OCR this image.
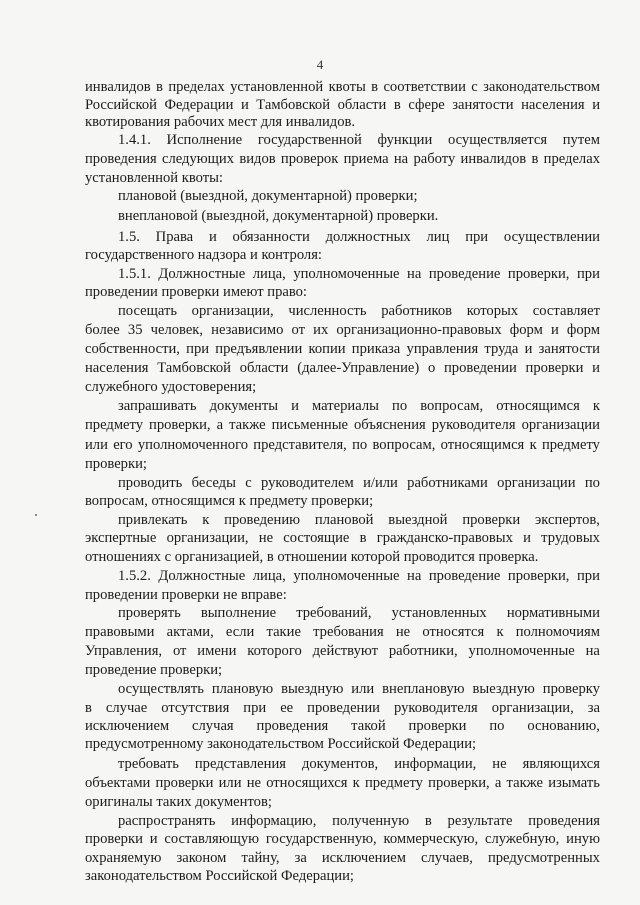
4
инвалидов в пределах установленной квоты в соответствии с законодательством
Российской Федерации и Тамбовской области в сфере занятости населения и
квотирования рабочих мест для инвалидов.
1.4.1. Исполнение государственной функции осуществляется путем
проведения следующих видов проверок приема на работу инвалидов в пределах
установленной квоты:
плановой (выездной, документарной) проверки;
внеплановой (выездной, документарной) проверки.
1.5. Права и обязанности должностных лиц при осуществлении
государственного надзора и контроля:
1.5.1. Должностные лица, уполномоченные на проведение проверки, при
проведении проверки имеют право:
посещать организации, численность работников которых составляет
более 35 человек, независимо от их организационно-правовых форм и форм
собственности, при предъявлении копии приказа управления труда и занятости
населения Тамбовской области (далее-Управление) о проведении проверки и
служебного удостоверения;
запрашивать документы и материалы по вопросам, относящимся к
предмету проверки, а также письменные объяснения руководителя организации
или его уполномоченного представителя, по вопросам, относящимся к предмету
проверки;
проводить беседы с руководителем и/или работниками организации по
вопросам, относящимся к предмету проверки;
привлекать к проведению плановой выездной проверки экспертов,
экспертные организации, не состоящие в гражданско-правовых и трудовых
отношениях с организацией, в отношении которой проводится проверка.
1.5.2. Должностные лица, уполномоченные на проведение проверки, при
проведении проверки не вправе:
проверять выполнение требований, установленных нормативными
правовыми актами, если такие требования не относятся к полномочиям
Управления, от имени которого действуют работники, уполномоченные на
проведение проверки;
осуществлять плановую выездную или внеплановую выездную проверку
в случае отсутствия при ее проведении руководителя организации, за
исключением случая проведения такой проверки по основанию,
предусмотренному законодательством Российской Федерации;
требовать представления документов, информации, не являющихся
объектами проверки или не относящихся к предмету проверки, а также изымать
оригиналы таких документов;
распространять информацию, полученную в результате проведения
проверки и составляющую государственную, коммерческую, служебную, иную
охраняемую законом тайну, за исключением случаев, предусмотренных
законодательством Российской Федерации;
